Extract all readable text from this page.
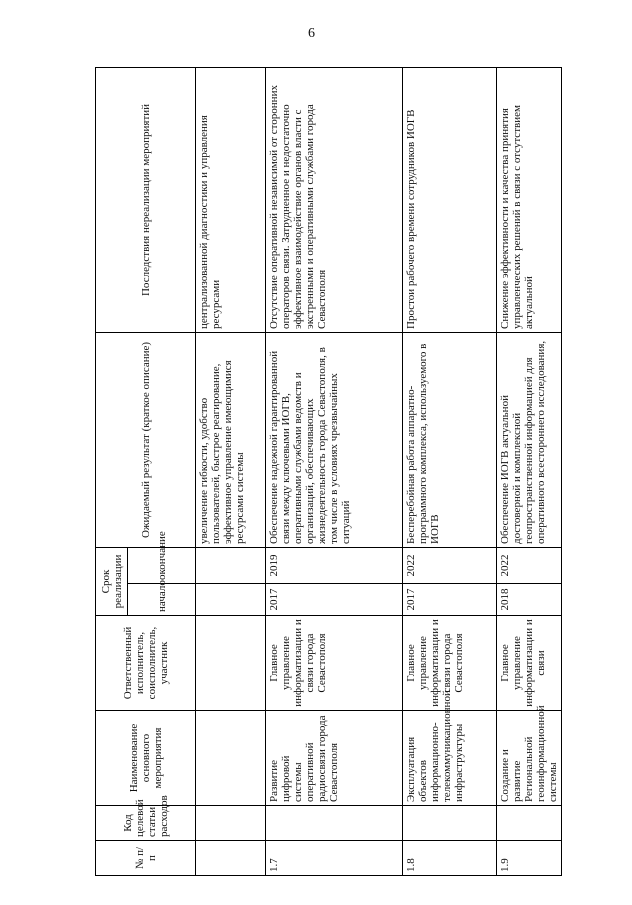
6
№ п/п	Код целевой статьи расходов	Наименование основного мероприятия	Ответственный исполнитель, соисполнитель, участник	Срок реализации		Ожидаемый результат (краткое описание)	Последствия нереализации мероприятий
				начало	окончание		
						увеличение гибкости, удобство пользователей, быстрое реагирование, эффективное управление имеющимися ресурсами системы	централизованной диагностики и управления ресурсами
1.7		Развитие цифровой системы оперативной радиосвязи города Севастополя	Главное управление информатизации и связи города Севастополя	2017	2019	Обеспечение надежной гарантированной связи между ключевыми ИОГВ, оперативными службами ведомств и организаций, обеспечивающих жизнедеятельность города Севастополя, в том числе в условиях чрезвычайных ситуаций	Отсутствие оперативной независимой от сторонних операторов связи. Затрудненное и недостаточно эффективное взаимодействие органов власти с экстренными и оперативными службами города Севастополя
1.8		Эксплуатация объектов информационно-телекоммуникационной инфраструктуры	Главное управление информатизации и связи города Севастополя	2017	2022	Бесперебойная работа аппаратно-программного комплекса, используемого в ИОГВ	Простои рабочего времени сотрудников ИОГВ
1.9		Создание и развитие Региональной геоинформационной системы	Главное управление информатизации и связи	2018	2022	Обеспечение ИОГВ актуальной достоверной и комплексной геопространственной информацией для оперативного всестороннего исследования,	Снижение эффективности и качества принятия управленческих решений в связи с отсутствием актуальной
